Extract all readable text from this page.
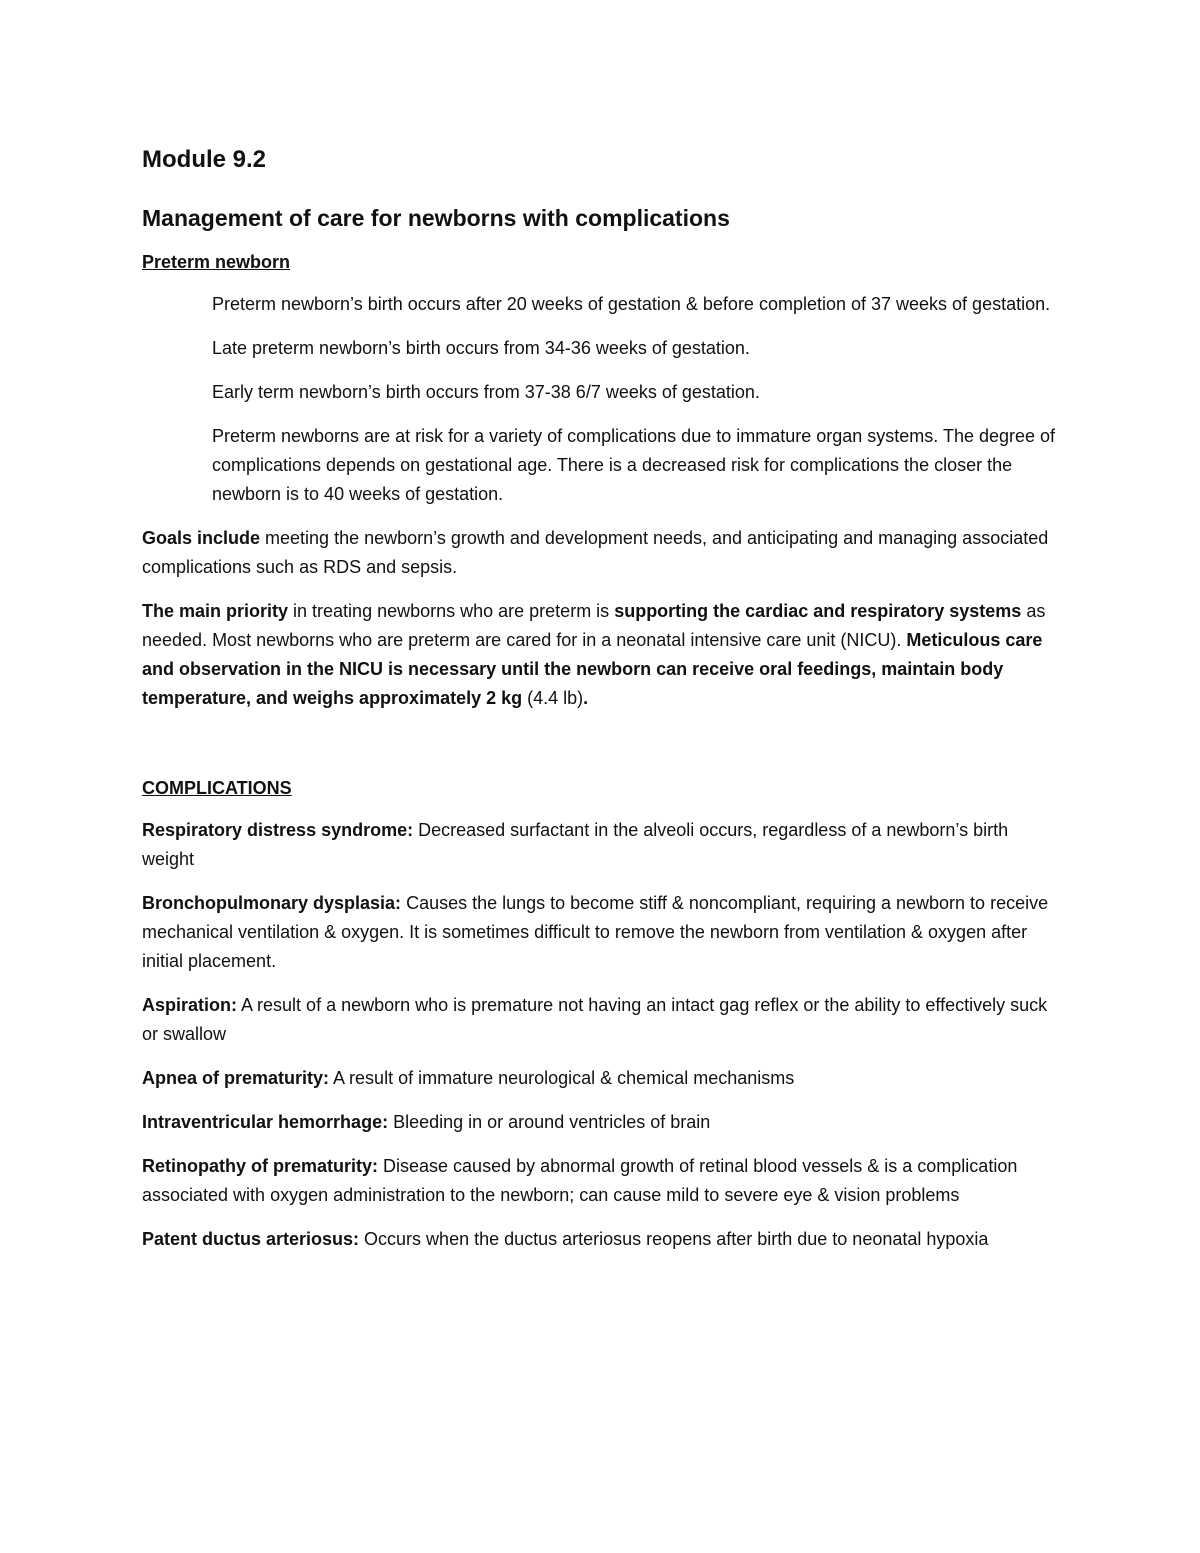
Module 9.2
Management of care for newborns with complications
Preterm newborn

Preterm newborn’s birth occurs after 20 weeks of gestation & before completion of 37 weeks of gestation.

Late preterm newborn’s birth occurs from 34-36 weeks of gestation.

Early term newborn’s birth occurs from 37-38 6/7 weeks of gestation.

Preterm newborns are at risk for a variety of complications due to immature organ systems. The degree of complications depends on gestational age. There is a decreased risk for complications the closer the newborn is to 40 weeks of gestation.

Goals include meeting the newborn’s growth and development needs, and anticipating and managing associated complications such as RDS and sepsis.

The main priority in treating newborns who are preterm is supporting the cardiac and respiratory systems as needed. Most newborns who are preterm are cared for in a neonatal intensive care unit (NICU). Meticulous care and observation in the NICU is necessary until the newborn can receive oral feedings, maintain body temperature, and weighs approximately 2 kg (4.4 lb).

COMPLICATIONS

Respiratory distress syndrome: Decreased surfactant in the alveoli occurs, regardless of a newborn’s birth weight

Bronchopulmonary dysplasia: Causes the lungs to become stiff & noncompliant, requiring a newborn to receive mechanical ventilation & oxygen. It is sometimes difficult to remove the newborn from ventilation & oxygen after initial placement.

Aspiration: A result of a newborn who is premature not having an intact gag reflex or the ability to effectively suck or swallow

Apnea of prematurity: A result of immature neurological & chemical mechanisms

Intraventricular hemorrhage: Bleeding in or around ventricles of brain

Retinopathy of prematurity: Disease caused by abnormal growth of retinal blood vessels & is a complication associated with oxygen administration to the newborn; can cause mild to severe eye & vision problems

Patent ductus arteriosus: Occurs when the ductus arteriosus reopens after birth due to neonatal hypoxia
